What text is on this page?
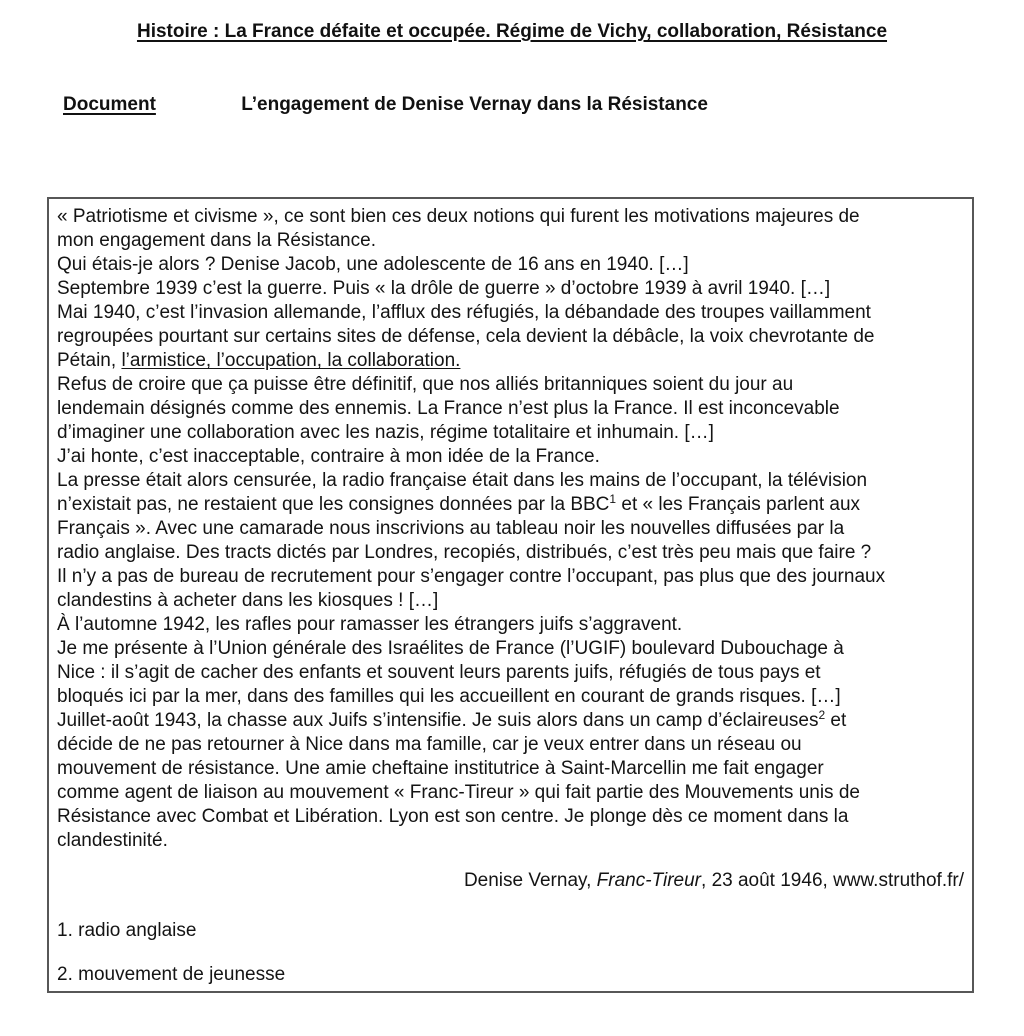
Histoire : La France défaite et occupée. Régime de Vichy, collaboration, Résistance
Document	L’engagement de Denise Vernay dans la Résistance
« Patriotisme et civisme », ce sont bien ces deux notions qui furent les motivations majeures de
mon engagement dans la Résistance.
Qui étais-je alors ? Denise Jacob, une adolescente de 16 ans en 1940. […]
Septembre 1939 c’est la guerre. Puis « la drôle de guerre » d’octobre 1939 à avril 1940. […]
Mai 1940, c’est l’invasion allemande, l’afflux des réfugiés, la débandade des troupes vaillamment
regroupées pourtant sur certains sites de défense, cela devient la débâcle, la voix chevrotante de
Pétain, l’armistice, l’occupation, la collaboration.
Refus de croire que ça puisse être définitif, que nos alliés britanniques soient du jour au
lendemain désignés comme des ennemis. La France n’est plus la France. Il est inconcevable
d’imaginer une collaboration avec les nazis, régime totalitaire et inhumain. […]
J’ai honte, c’est inacceptable, contraire à mon idée de la France.
La presse était alors censurée, la radio française était dans les mains de l’occupant, la télévision
n’existait pas, ne restaient que les consignes données par la BBC$^1$ et « les Français parlent aux
Français ». Avec une camarade nous inscrivions au tableau noir les nouvelles diffusées par la
radio anglaise. Des tracts dictés par Londres, recopiés, distribués, c’est très peu mais que faire ?
Il n’y a pas de bureau de recrutement pour s’engager contre l’occupant, pas plus que des journaux
clandestins à acheter dans les kiosques ! […]
À l’automne 1942, les rafles pour ramasser les étrangers juifs s’aggravent.
Je me présente à l’Union générale des Israélites de France (l’UGIF) boulevard Dubouchage à
Nice : il s’agit de cacher des enfants et souvent leurs parents juifs, réfugiés de tous pays et
bloqués ici par la mer, dans des familles qui les accueillent en courant de grands risques. […]
Juillet-août 1943, la chasse aux Juifs s’intensifie. Je suis alors dans un camp d’éclaireuses$^2$ et
décide de ne pas retourner à Nice dans ma famille, car je veux entrer dans un réseau ou
mouvement de résistance. Une amie cheftaine institutrice à Saint-Marcellin me fait engager
comme agent de liaison au mouvement « Franc-Tireur » qui fait partie des Mouvements unis de
Résistance avec Combat et Libération. Lyon est son centre. Je plonge dès ce moment dans la
clandestinité.
Denise Vernay, Franc-Tireur, 23 août 1946, www.struthof.fr/
1. radio anglaise
2. mouvement de jeunesse
